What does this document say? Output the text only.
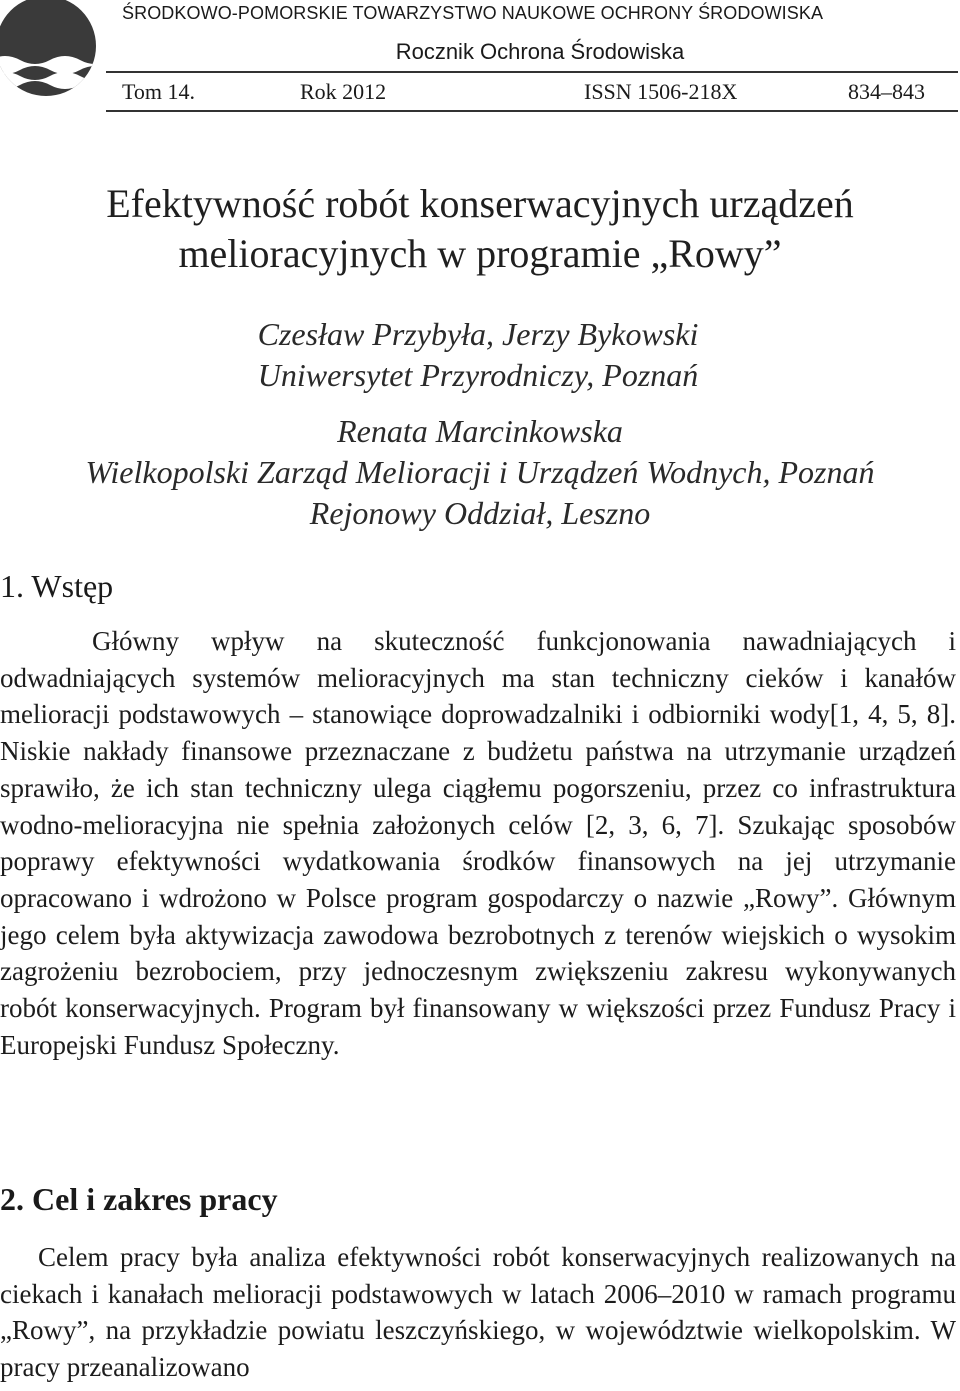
ŚRODKOWO-POMORSKIE TOWARZYSTWO NAUKOWE OCHRONY ŚRODOWISKA
Rocznik Ochrona Środowiska
Tom 14.	Rok 2012	ISSN 1506-218X	834–843
Efektywność robót konserwacyjnych urządzeń
melioracyjnych w programie „Rowy”
Czesław Przybyła, Jerzy Bykowski
Uniwersytet Przyrodniczy, Poznań
Renata Marcinkowska
Wielkopolski Zarząd Melioracji i Urządzeń Wodnych, Poznań
Rejonowy Oddział, Leszno
1. Wstęp
Główny wpływ na skuteczność funkcjonowania nawadniających i odwadniających systemów melioracyjnych ma stan techniczny cieków i kanałów melioracji podstawowych – stanowiące doprowadzalniki i odbiorniki wody[1, 4, 5, 8]. Niskie nakłady finansowe przeznaczane z budżetu państwa na utrzymanie urządzeń sprawiło, że ich stan techniczny ulega ciągłemu pogorszeniu, przez co infrastruktura wodno-melioracyjna nie spełnia założonych celów [2, 3, 6, 7]. Szukając sposobów poprawy efektywności wydatkowania środków finansowych na jej utrzymanie opracowano i wdrożono w Polsce program gospodarczy o nazwie „Rowy”. Głównym jego celem była aktywizacja zawodowa bezrobotnych z terenów wiejskich o wysokim zagrożeniu bezrobociem, przy jednoczesnym zwiększeniu zakresu wykonywanych robót konserwacyjnych. Program był finansowany w większości przez Fundusz Pracy i Europejski Fundusz Społeczny.
2. Cel i zakres pracy
Celem pracy była analiza efektywności robót konserwacyjnych realizowanych na ciekach i kanałach melioracji podstawowych w latach 2006–2010 w ramach programu „Rowy”, na przykładzie powiatu leszczyńskiego, w województwie wielkopolskim. W pracy przeanalizowano
